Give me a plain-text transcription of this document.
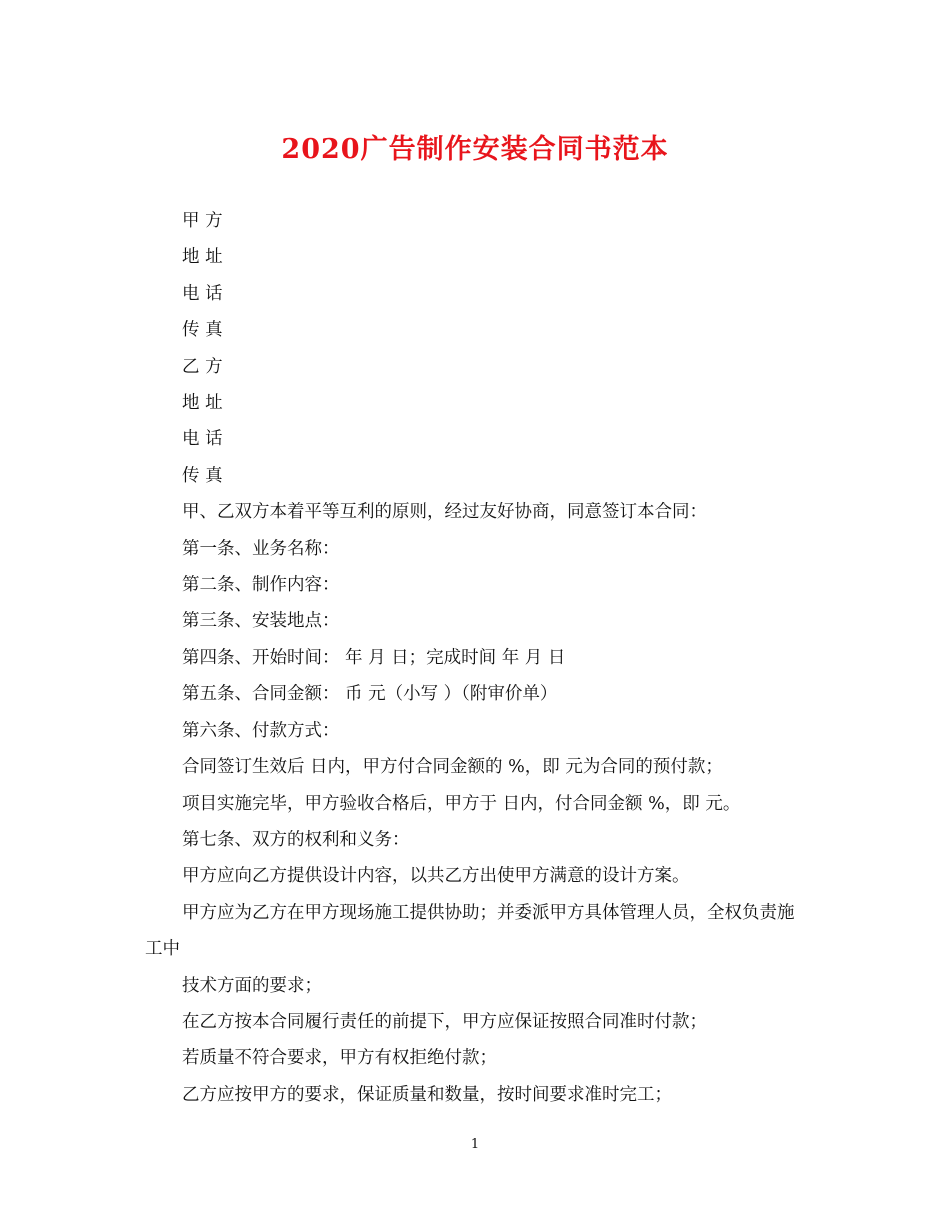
2020广告制作安装合同书范本

甲 方

地 址

电 话

传 真

乙 方

地 址

电 话

传 真

甲、乙双方本着平等互利的原则，经过友好协商，同意签订本合同：

第一条、业务名称：

第二条、制作内容：

第三条、安装地点：

第四条、开始时间： 年 月 日；完成时间 年 月 日

第五条、合同金额： 币 元（小写 ）（附审价单）

第六条、付款方式：

合同签订生效后 日内，甲方付合同金额的 %，即 元为合同的预付款；

项目实施完毕，甲方验收合格后，甲方于 日内，付合同金额 %，即 元。

第七条、双方的权利和义务：

甲方应向乙方提供设计内容，以共乙方出使甲方满意的设计方案。

甲方应为乙方在甲方现场施工提供协助；并委派甲方具体管理人员，全权负责施工中

技术方面的要求；

在乙方按本合同履行责任的前提下，甲方应保证按照合同准时付款；

若质量不符合要求，甲方有权拒绝付款；

乙方应按甲方的要求，保证质量和数量，按时间要求准时完工；

1
